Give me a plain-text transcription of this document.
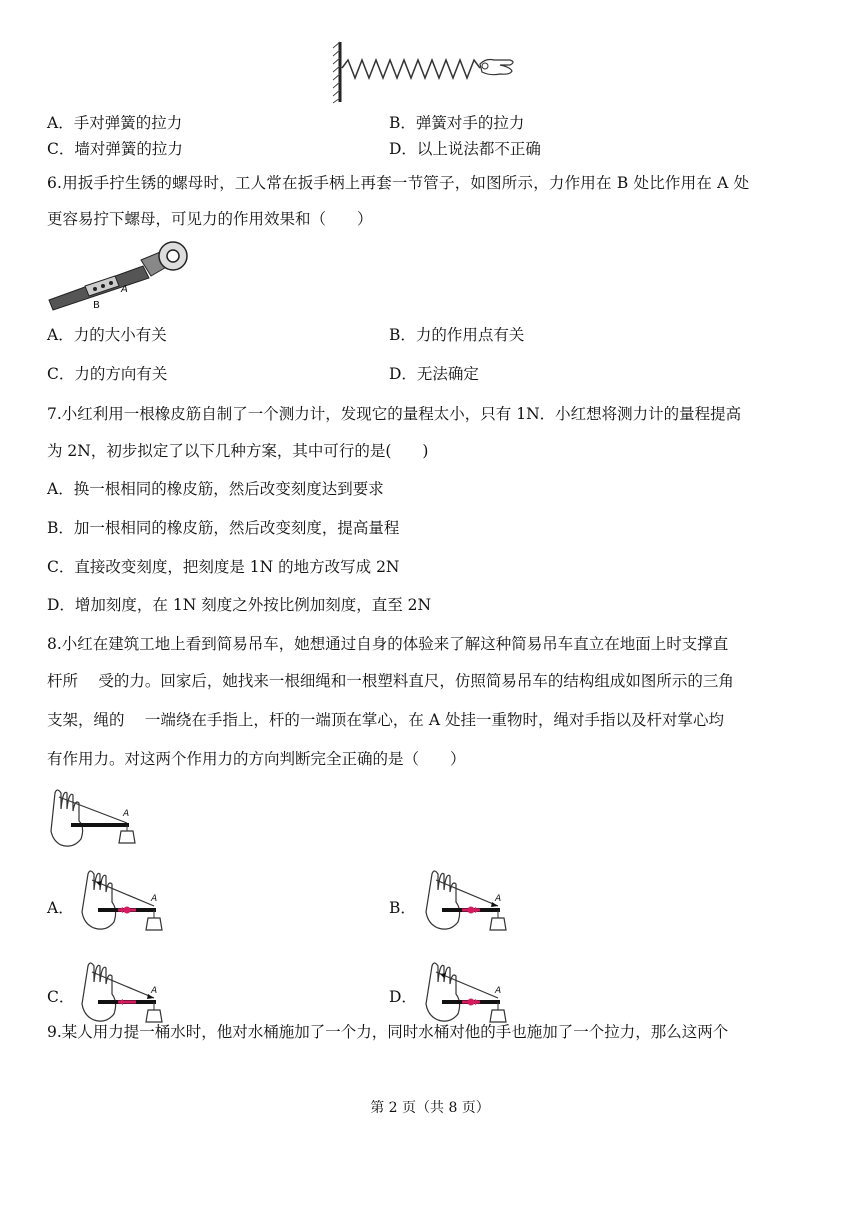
A．手对弹簧的拉力	B．弹簧对手的拉力
C．墙对弹簧的拉力	D．以上说法都不正确
6.用扳手拧生锈的螺母时，工人常在扳手柄上再套一节管子，如图所示，力作用在 B 处比作用在 A 处
更容易拧下螺母，可见力的作用效果和（　　）
A
B
A．力的大小有关	B．力的作用点有关
C．力的方向有关	D．无法确定
7.小红利用一根橡皮筋自制了一个测力计，发现它的量程太小，只有 1N．小红想将测力计的量程提高
为 2N，初步拟定了以下几种方案，其中可行的是(　　)
A．换一根相同的橡皮筋，然后改变刻度达到要求
B．加一根相同的橡皮筋，然后改变刻度，提高量程
C．直接改变刻度，把刻度是 1N 的地方改写成 2N
D．增加刻度，在 1N 刻度之外按比例加刻度，直至 2N
8.小红在建筑工地上看到简易吊车，她想通过自身的体验来了解这种简易吊车直立在地面上时支撑直
杆所　 受的力。回家后，她找来一根细绳和一根塑料直尺，仿照简易吊车的结构组成如图所示的三角
支架，绳的　 一端绕在手指上，杆的一端顶在掌心，在 A 处挂一重物时，绳对手指以及杆对掌心均
有作用力。对这两个作用力的方向判断完全正确的是（　　）
A
A．	A	B．	A
C．	A	D．	A
9.某人用力提一桶水时，他对水桶施加了一个力，同时水桶对他的手也施加了一个拉力，那么这两个
第 2 页（共 8 页）
